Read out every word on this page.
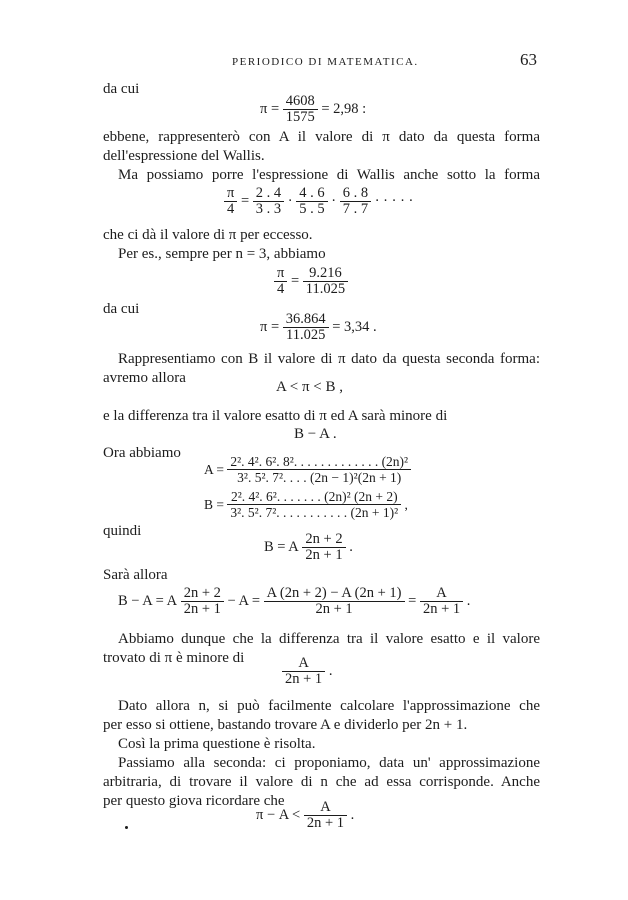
PERIODICO DI MATEMATICA.	63
da cui
$\pi = \frac{4608}{1575} = 2,98$ :
ebbene, rappresenterò con A il valore di π dato da questa forma
dell'espressione del Wallis.
Ma possiamo porre l'espressione di Wallis anche sotto la forma
$\frac{\pi}{4} = \frac{2 . 4}{3 . 3} \cdot \frac{4 . 6}{5 . 5} \cdot \frac{6 . 8}{7 . 7}$ · · · · ·
che ci dà il valore di π per eccesso.
Per es., sempre per n = 3, abbiamo
$\frac{\pi}{4} = \frac{9.216}{11.025}$
da cui
$\pi = \frac{36.864}{11.025} = 3,34$ .
Rappresentiamo con B il valore di π dato da questa seconda forma:
avremo allora
A < π < B ,
e la differenza tra il valore esatto di π ed A sarà minore di
B − A .
Ora abbiamo
$A = \frac{\text{2². 4². 6². 8². . . . . . . . . . . . . (2n)²}}{\text{3². 5². 7². . . . (2n − 1)²(2n + 1)}}$
$B = \frac{\text{2². 4². 6². . . . . . . (2n)² (2n + 2)}}{\text{3². 5². 7². . . . . . . . . . . (2n + 1)²}}$ ,
quindi
B = A $\frac{2n + 2}{2n + 1}$ .
Sarà allora
B − A = A $\frac{2n + 2}{2n + 1} - A = \frac{A (2n + 2) - A (2n + 1)}{2n + 1} = \frac{A}{2n + 1}$ .
Abbiamo dunque che la differenza tra il valore esatto e il valore
trovato di π è minore di	$\frac{A}{2n + 1}$ .
Dato allora n, si può facilmente calcolare l'approssimazione che
per esso si ottiene, bastando trovare A e dividerlo per 2n + 1.
Così la prima questione è risolta.
Passiamo alla seconda: ci proponiamo, data un' approssimazione
arbitraria, di trovare il valore di n che ad essa corrisponde. Anche
per questo giova ricordare che
$\pi - A < \frac{A}{2n + 1}$ .
